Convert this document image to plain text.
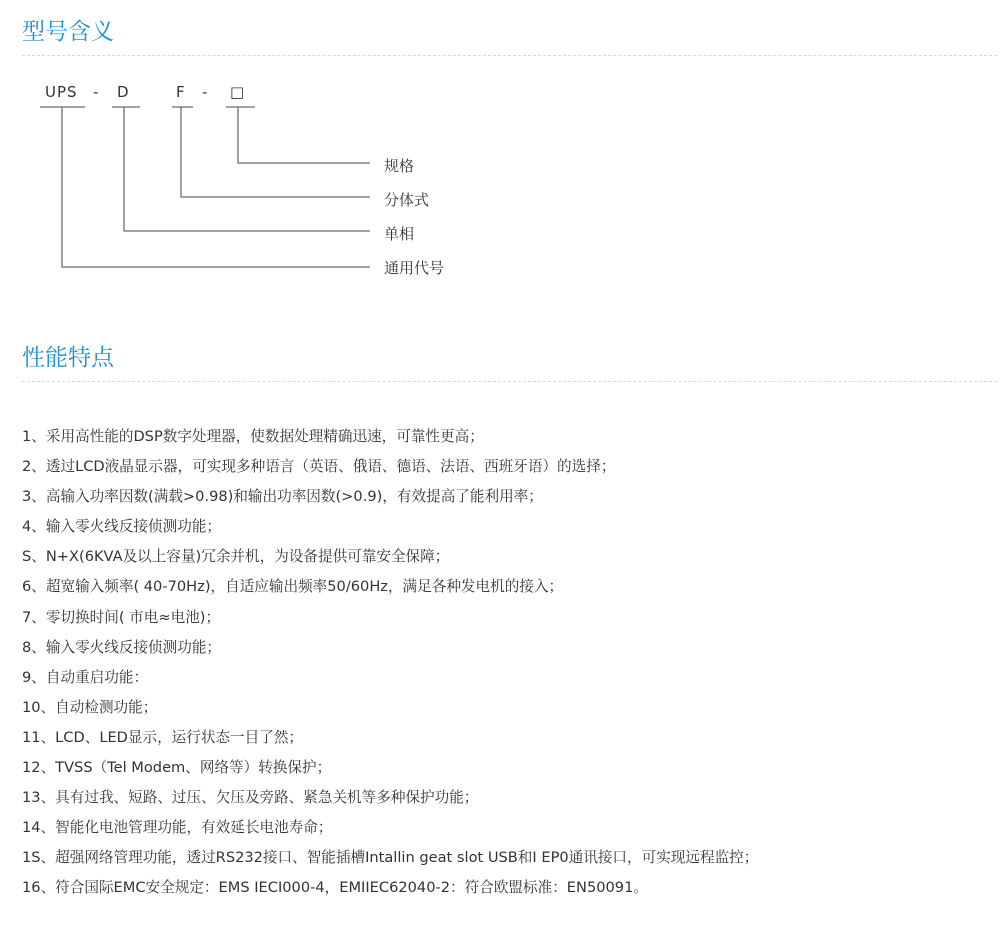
型号含义
UPS - D	F - □
规格
分体式
单相
通用代号
性能特点
1、采用高性能的DSP数字处理器，使数据处理精确迅速，可靠性更高；
2、透过LCD液晶显示器，可实现多种语言（英语、俄语、德语、法语、西班牙语）的选择；
3、高输入功率因数(满载>0.98)和输出功率因数(>0.9)，有效提高了能利用率；
4、输入零火线反接侦测功能；
S、N+X(6KVA及以上容量)冗余并机，为设备提供可靠安全保障；
6、超宽输入频率( 40-70Hz)，自适应输出频率50/60Hz，满足各种发电机的接入；
7、零切换时间( 市电≈电池)；
8、输入零火线反接侦测功能；
9、自动重启功能：
10、自动检测功能；
11、LCD、LED显示，运行状态一目了然；
12、TVSS（Tel Modem、网络等）转换保护；
13、具有过我、短路、过压、欠压及旁路、紧急关机等多种保护功能；
14、智能化电池管理功能，有效延长电池寿命；
1S、超强网络管理功能，透过RS232接口、智能插槽Intallin geat slot USB和Ⅰ EP0通讯接口，可实现远程监控；
16、符合国际EMC安全规定：EMS IECI000-4，EMIIEC62040-2：符合欧盟标准：EN50091。
